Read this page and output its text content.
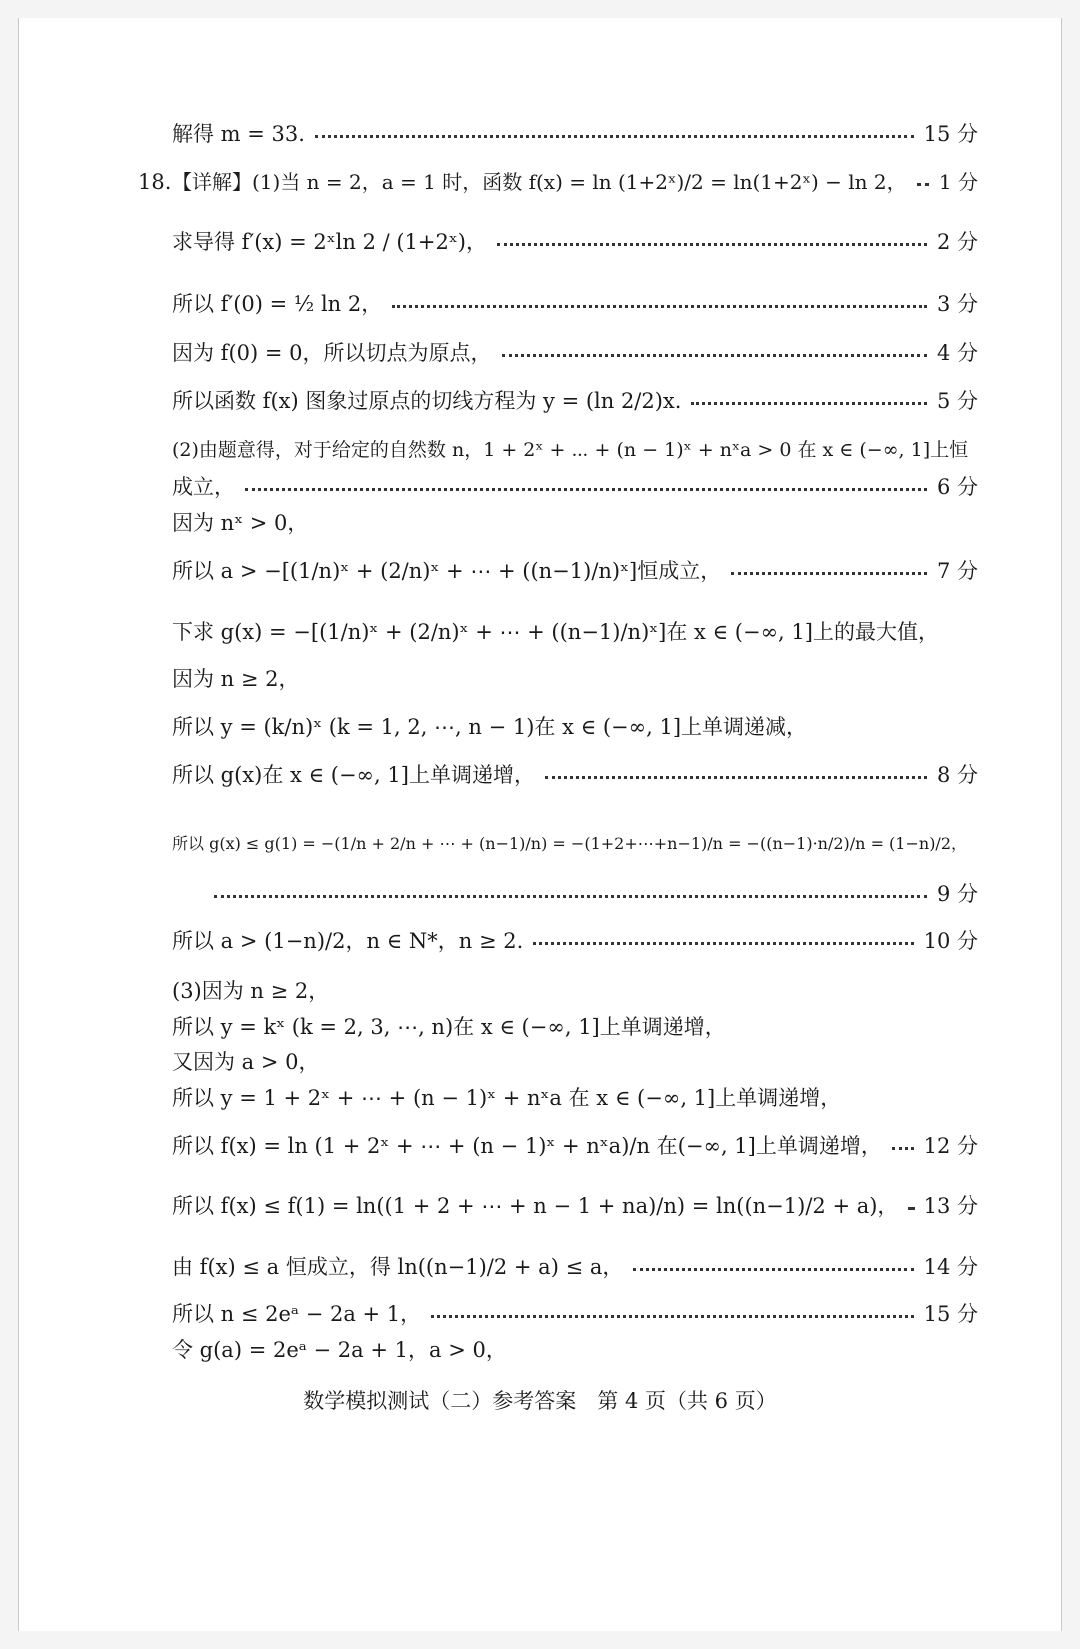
解得 m = 33.	15 分
18. 【详解】(1)当 n = 2，a = 1 时，函数 f(x) = ln (1+2ˣ)/2 = ln(1+2ˣ) − ln 2， 1 分
求导得 f′(x) = 2ˣln 2 / (1+2ˣ)，	2 分
所以 f′(0) = ½ ln 2，	3 分
因为 f(0) = 0，所以切点为原点，	4 分
所以函数 f(x) 图象过原点的切线方程为 y = (ln 2/2)x.	5 分
(2)由题意得，对于给定的自然数 n，1 + 2ˣ + ⋯ + (n − 1)ˣ + nˣa > 0 在 x ∈ (−∞, 1]上恒
成立，	6 分
因为 nˣ > 0，
所以 a > −[(1/n)ˣ + (2/n)ˣ + ⋯ + ((n−1)/n)ˣ]恒成立，	7 分
下求 g(x) = −[(1/n)ˣ + (2/n)ˣ + ⋯ + ((n−1)/n)ˣ]在 x ∈ (−∞, 1]上的最大值，
因为 n ≥ 2，
所以 y = (k/n)ˣ (k = 1, 2, ⋯, n − 1)在 x ∈ (−∞, 1]上单调递减，
所以 g(x)在 x ∈ (−∞, 1]上单调递增，	8 分
所以 g(x) ≤ g(1) = −(1/n + 2/n + ⋯ + (n−1)/n) = −(1+2+⋯+n−1)/n = −((n−1)·n/2)/n = (1−n)/2，
9 分
所以 a > (1−n)/2，n ∈ N*，n ≥ 2.	10 分
(3)因为 n ≥ 2，
所以 y = kˣ (k = 2, 3, ⋯, n)在 x ∈ (−∞, 1]上单调递增，
又因为 a > 0，
所以 y = 1 + 2ˣ + ⋯ + (n − 1)ˣ + nˣa 在 x ∈ (−∞, 1]上单调递增，
所以 f(x) = ln (1 + 2ˣ + ⋯ + (n − 1)ˣ + nˣa)/n 在(−∞, 1]上单调递增， 12 分
所以 f(x) ≤ f(1) = ln((1 + 2 + ⋯ + n − 1 + na)/n) = ln((n−1)/2 + a)， 13 分
由 f(x) ≤ a 恒成立，得 ln((n−1)/2 + a) ≤ a，	14 分
所以 n ≤ 2eᵃ − 2a + 1，	15 分
令 g(a) = 2eᵃ − 2a + 1，a > 0，
数学模拟测试（二）参考答案　第 4 页（共 6 页）
